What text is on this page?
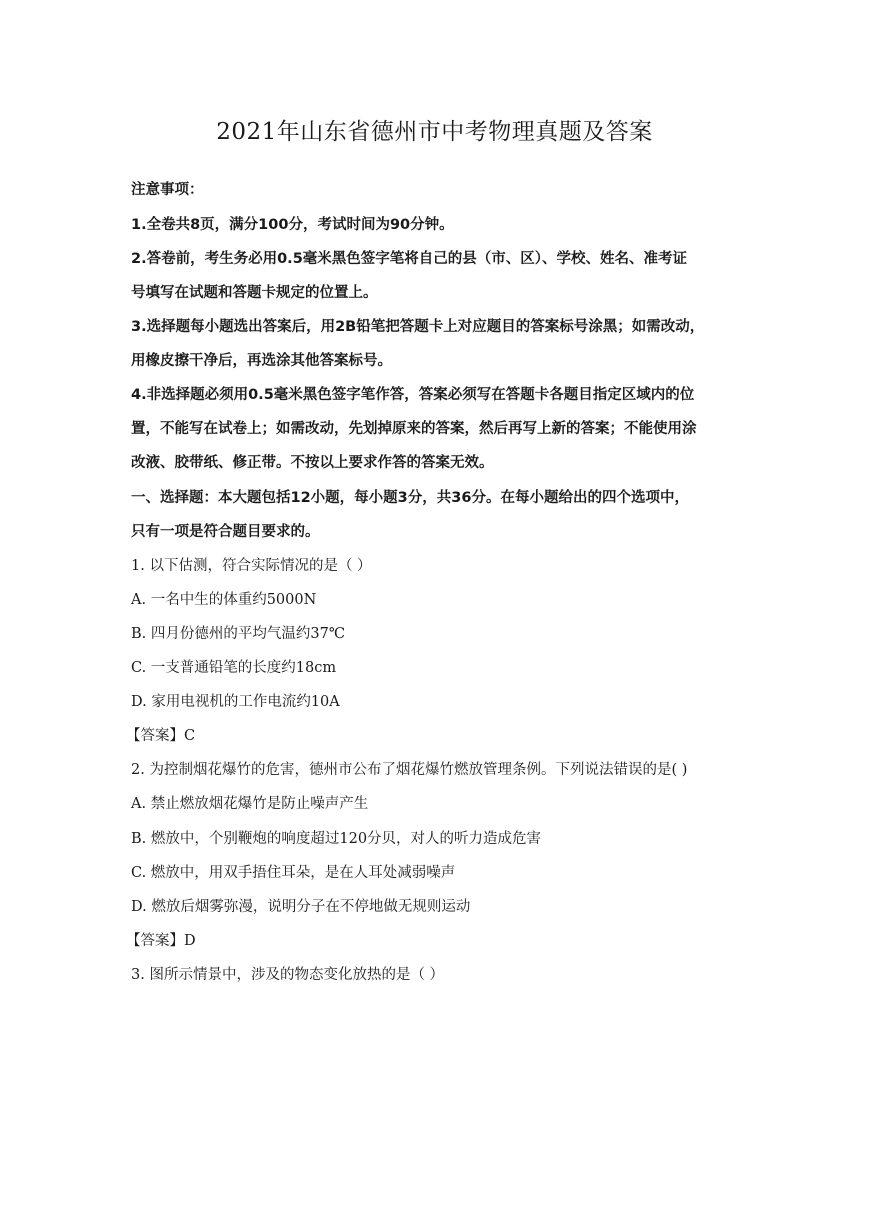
2021年山东省德州市中考物理真题及答案
注意事项：
1.全卷共8页，满分100分，考试时间为90分钟。
2.答卷前，考生务必用0.5毫米黑色签字笔将自己的县（市、区）、学校、姓名、准考证
号填写在试题和答题卡规定的位置上。
3.选择题每小题选出答案后，用2B铅笔把答题卡上对应题目的答案标号涂黑；如需改动，
用橡皮擦干净后，再选涂其他答案标号。
4.非选择题必须用0.5毫米黑色签字笔作答，答案必须写在答题卡各题目指定区域内的位
置，不能写在试卷上；如需改动，先划掉原来的答案，然后再写上新的答案；不能使用涂
改液、胶带纸、修正带。不按以上要求作答的答案无效。
一、选择题：本大题包括12小题，每小题3分，共36分。在每小题给出的四个选项中，
只有一项是符合题目要求的。
1. 以下估测，符合实际情况的是（ ）
A. 一名中生的体重约5000N
B. 四月份德州的平均气温约37℃
C. 一支普通铅笔的长度约18cm
D. 家用电视机的工作电流约10A
【答案】C
2. 为控制烟花爆竹的危害，德州市公布了烟花爆竹燃放管理条例。下列说法错误的是( )
A. 禁止燃放烟花爆竹是防止噪声产生
B. 燃放中，个别鞭炮的响度超过120分贝，对人的听力造成危害
C. 燃放中，用双手捂住耳朵，是在人耳处减弱噪声
D. 燃放后烟雾弥漫，说明分子在不停地做无规则运动
【答案】D
3. 图所示情景中，涉及的物态变化放热的是（ ）
